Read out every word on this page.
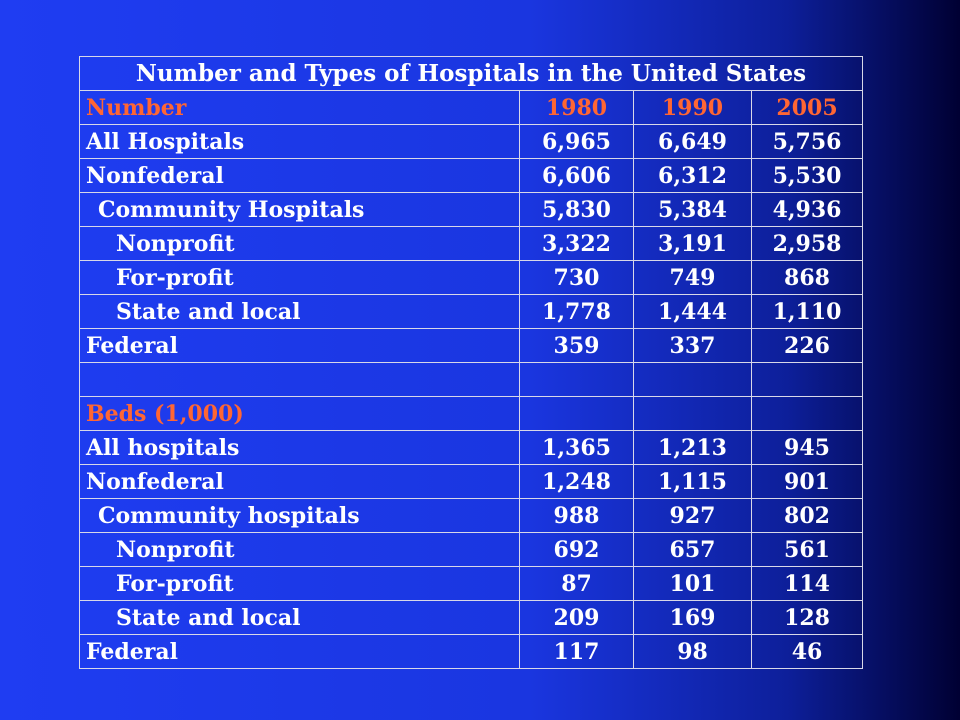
Number and Types of Hospitals in the United States			
Number	1980	1990	2005
All Hospitals	6,965	6,649	5,756
Nonfederal	6,606	6,312	5,530
Community Hospitals	5,830	5,384	4,936
Nonprofit	3,322	3,191	2,958
For-profit	730	749	868
State and local	1,778	1,444	1,110
Federal	359	337	226

Beds (1,000)			
All hospitals	1,365	1,213	945
Nonfederal	1,248	1,115	901
Community hospitals	988	927	802
Nonprofit	692	657	561
For-profit	87	101	114
State and local	209	169	128
Federal	117	98	46
